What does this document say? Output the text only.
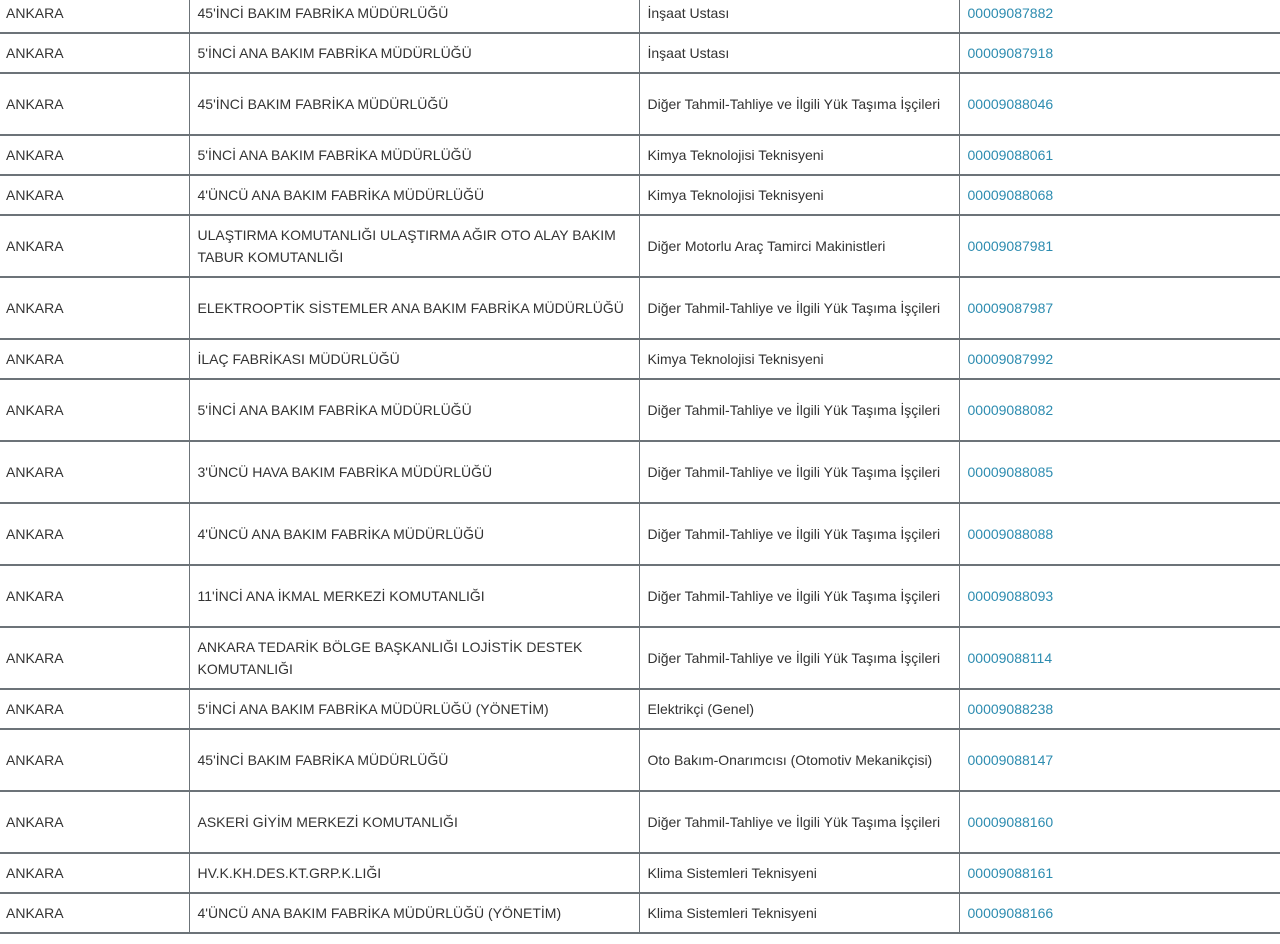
ANKARA	45'İNCİ BAKIM FABRİKA MÜDÜRLÜĞÜ	İnşaat Ustası	00009087882
ANKARA	5'İNCİ ANA BAKIM FABRİKA MÜDÜRLÜĞÜ	İnşaat Ustası	00009087918
ANKARA	45'İNCİ BAKIM FABRİKA MÜDÜRLÜĞÜ	Diğer Tahmil-Tahliye ve İlgili Yük Taşıma İşçileri	00009088046
ANKARA	5'İNCİ ANA BAKIM FABRİKA MÜDÜRLÜĞÜ	Kimya Teknolojisi Teknisyeni	00009088061
ANKARA	4'ÜNCÜ ANA BAKIM FABRİKA MÜDÜRLÜĞÜ	Kimya Teknolojisi Teknisyeni	00009088068
ANKARA	ULAŞTIRMA KOMUTANLIĞI ULAŞTIRMA AĞIR OTO ALAY BAKIM TABUR KOMUTANLIĞI	Diğer Motorlu Araç Tamirci Makinistleri	00009087981
ANKARA	ELEKTROOPTİK SİSTEMLER ANA BAKIM FABRİKA MÜDÜRLÜĞÜ	Diğer Tahmil-Tahliye ve İlgili Yük Taşıma İşçileri	00009087987
ANKARA	İLAÇ FABRİKASI MÜDÜRLÜĞÜ	Kimya Teknolojisi Teknisyeni	00009087992
ANKARA	5'İNCİ ANA BAKIM FABRİKA MÜDÜRLÜĞÜ	Diğer Tahmil-Tahliye ve İlgili Yük Taşıma İşçileri	00009088082
ANKARA	3'ÜNCÜ HAVA BAKIM FABRİKA MÜDÜRLÜĞÜ	Diğer Tahmil-Tahliye ve İlgili Yük Taşıma İşçileri	00009088085
ANKARA	4'ÜNCÜ ANA BAKIM FABRİKA MÜDÜRLÜĞÜ	Diğer Tahmil-Tahliye ve İlgili Yük Taşıma İşçileri	00009088088
ANKARA	11'İNCİ ANA İKMAL MERKEZİ KOMUTANLIĞI	Diğer Tahmil-Tahliye ve İlgili Yük Taşıma İşçileri	00009088093
ANKARA	ANKARA TEDARİK BÖLGE BAŞKANLIĞI LOJİSTİK DESTEK KOMUTANLIĞI	Diğer Tahmil-Tahliye ve İlgili Yük Taşıma İşçileri	00009088114
ANKARA	5'İNCİ ANA BAKIM FABRİKA MÜDÜRLÜĞÜ (YÖNETİM)	Elektrikçi (Genel)	00009088238
ANKARA	45'İNCİ BAKIM FABRİKA MÜDÜRLÜĞÜ	Oto Bakım-Onarımcısı (Otomotiv Mekanikçisi)	00009088147
ANKARA	ASKERİ GİYİM MERKEZİ KOMUTANLIĞI	Diğer Tahmil-Tahliye ve İlgili Yük Taşıma İşçileri	00009088160
ANKARA	HV.K.KH.DES.KT.GRP.K.LIĞI	Klima Sistemleri Teknisyeni	00009088161
ANKARA	4'ÜNCÜ ANA BAKIM FABRİKA MÜDÜRLÜĞÜ (YÖNETİM)	Klima Sistemleri Teknisyeni	00009088166
